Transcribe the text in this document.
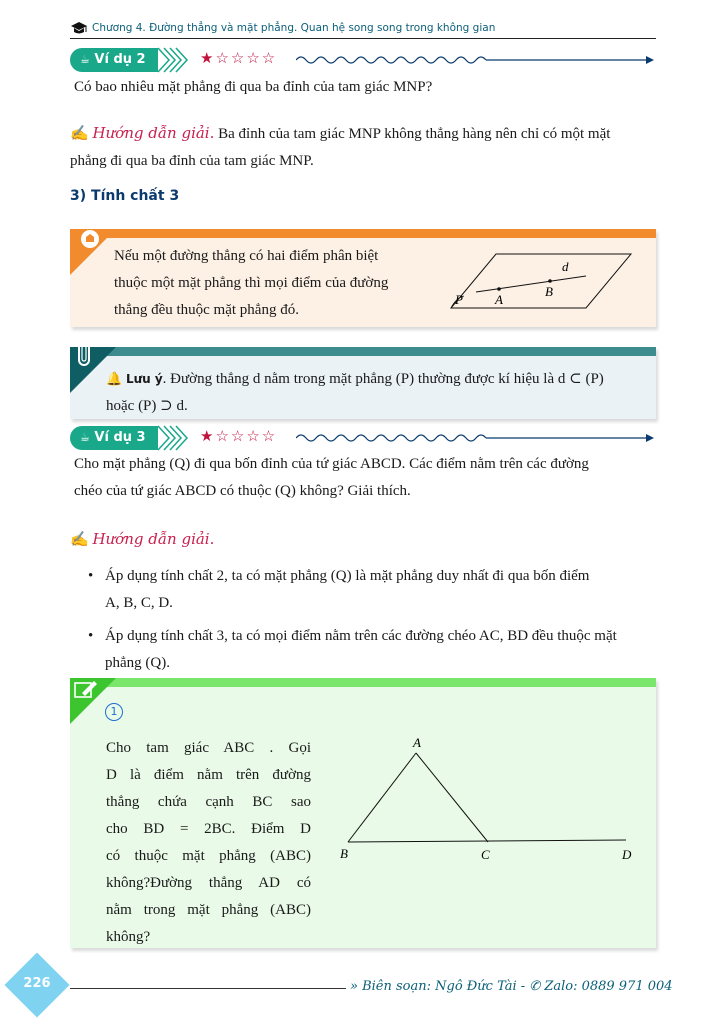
Chương 4. Đường thẳng và mặt phẳng. Quan hệ song song trong không gian
☕ Ví dụ 2	★☆☆☆☆
Có bao nhiêu mặt phẳng đi qua ba đỉnh của tam giác MNP?
✍ Hướng dẫn giải. Ba đỉnh của tam giác MNP không thẳng hàng nên chỉ có một mặt
phẳng đi qua ba đỉnh của tam giác MNP.
3) Tính chất 3
Nếu một đường thẳng có hai điểm phân biệt
thuộc một mặt phẳng thì mọi điểm của đường
thẳng đều thuộc mặt phẳng đó.
P
d
A
B
🔔 Lưu ý. Đường thẳng d nằm trong mặt phẳng (P) thường được kí hiệu là d ⊂ (P)
hoặc (P) ⊃ d.
☕ Ví dụ 3	★☆☆☆☆
Cho mặt phẳng (Q) đi qua bốn đỉnh của tứ giác ABCD. Các điểm nằm trên các đường
chéo của tứ giác ABCD có thuộc (Q) không? Giải thích.
✍ Hướng dẫn giải.
• Áp dụng tính chất 2, ta có mặt phẳng (Q) là mặt phẳng duy nhất đi qua bốn điểm
A, B, C, D.
• Áp dụng tính chất 3, ta có mọi điểm nằm trên các đường chéo AC, BD đều thuộc mặt
phẳng (Q).
1
Cho tam giác ABC . Gọi
D là điểm nằm trên đường
thẳng chứa cạnh BC sao
cho BD = 2BC. Điểm D
có thuộc mặt phẳng (ABC)
không?Đường thẳng AD có
nằm trong mặt phẳng (ABC)
không?
A
B	C	D
226	» Biên soạn: Ngô Đức Tài - ✆ Zalo: 0889 971 004
